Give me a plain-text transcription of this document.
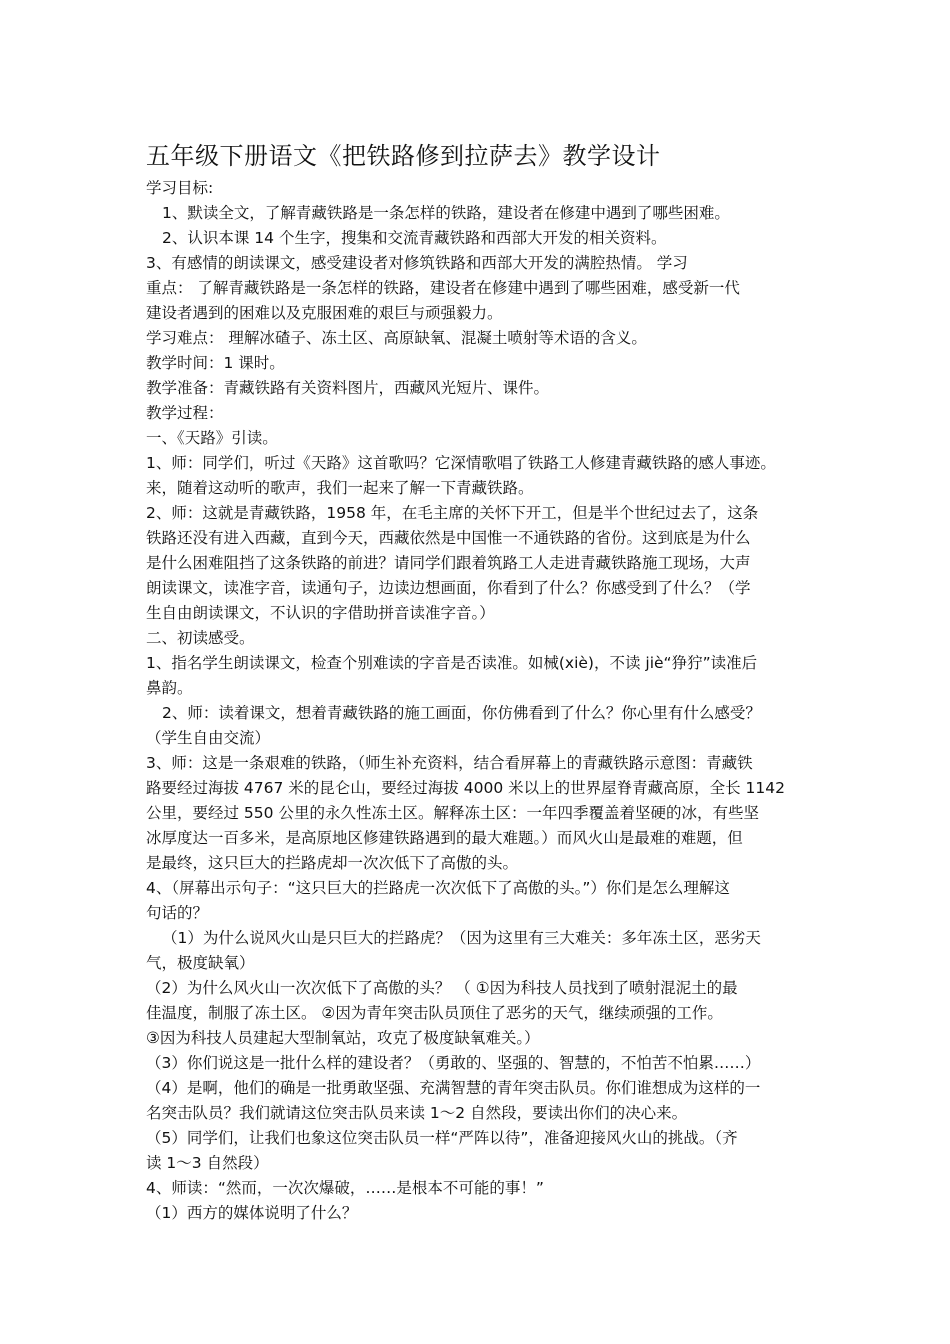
五年级下册语文《把铁路修到拉萨去》教学设计
学习目标:
1、默读全文，了解青藏铁路是一条怎样的铁路，建设者在修建中遇到了哪些困难。
2、认识本课 14 个生字，搜集和交流青藏铁路和西部大开发的相关资料。
3、有感情的朗读课文，感受建设者对修筑铁路和西部大开发的满腔热情。 学习
重点： 了解青藏铁路是一条怎样的铁路，建设者在修建中遇到了哪些困难，感受新一代
建设者遇到的困难以及克服困难的艰巨与顽强毅力。
学习难点： 理解冰碴子、冻土区、高原缺氧、混凝土喷射等术语的含义。
教学时间：1 课时。
教学准备：青藏铁路有关资料图片，西藏风光短片、课件。
教学过程：
一、《天路》引读。
1、师：同学们，听过《天路》这首歌吗？它深情歌唱了铁路工人修建青藏铁路的感人事迹。
来，随着这动听的歌声，我们一起来了解一下青藏铁路。
2、师：这就是青藏铁路，1958 年，在毛主席的关怀下开工，但是半个世纪过去了，这条
铁路还没有进入西藏，直到今天，西藏依然是中国惟一不通铁路的省份。这到底是为什么
是什么困难阻挡了这条铁路的前进？请同学们跟着筑路工人走进青藏铁路施工现场，大声
朗读课文，读准字音，读通句子，边读边想画面，你看到了什么？你感受到了什么？（学
生自由朗读课文，不认识的字借助拼音读准字音。）
二、初读感受。
1、指名学生朗读课文，检查个别难读的字音是否读准。如械(xiè)，不读 jiè“狰狞”读准后
鼻韵。
2、师：读着课文，想着青藏铁路的施工画面，你仿佛看到了什么？你心里有什么感受？
（学生自由交流）
3、师：这是一条艰难的铁路，（师生补充资料，结合看屏幕上的青藏铁路示意图：青藏铁
路要经过海拔 4767 米的昆仑山，要经过海拔 4000 米以上的世界屋脊青藏高原，全长 1142
公里，要经过 550 公里的永久性冻土区。解释冻土区：一年四季覆盖着坚硬的冰，有些坚
冰厚度达一百多米，是高原地区修建铁路遇到的最大难题。）而风火山是最难的难题，但
是最终，这只巨大的拦路虎却一次次低下了高傲的头。
4、（屏幕出示句子：“这只巨大的拦路虎一次次低下了高傲的头。”）你们是怎么理解这
句话的？
（1）为什么说风火山是只巨大的拦路虎？（因为这里有三大难关：多年冻土区，恶劣天
气，极度缺氧）
（2）为什么风火山一次次低下了高傲的头？ （ ①因为科技人员找到了喷射混泥土的最
佳温度，制服了冻土区。 ②因为青年突击队员顶住了恶劣的天气，继续顽强的工作。
③因为科技人员建起大型制氧站，攻克了极度缺氧难关。）
（3）你们说这是一批什么样的建设者？（勇敢的、坚强的、智慧的，不怕苦不怕累……）
（4）是啊，他们的确是一批勇敢坚强、充满智慧的青年突击队员。你们谁想成为这样的一
名突击队员？我们就请这位突击队员来读 1～2 自然段，要读出你们的决心来。
（5）同学们，让我们也象这位突击队员一样“严阵以待”，准备迎接风火山的挑战。（齐
读 1～3 自然段）
4、师读：“然而，一次次爆破，……是根本不可能的事！”
（1）西方的媒体说明了什么？
